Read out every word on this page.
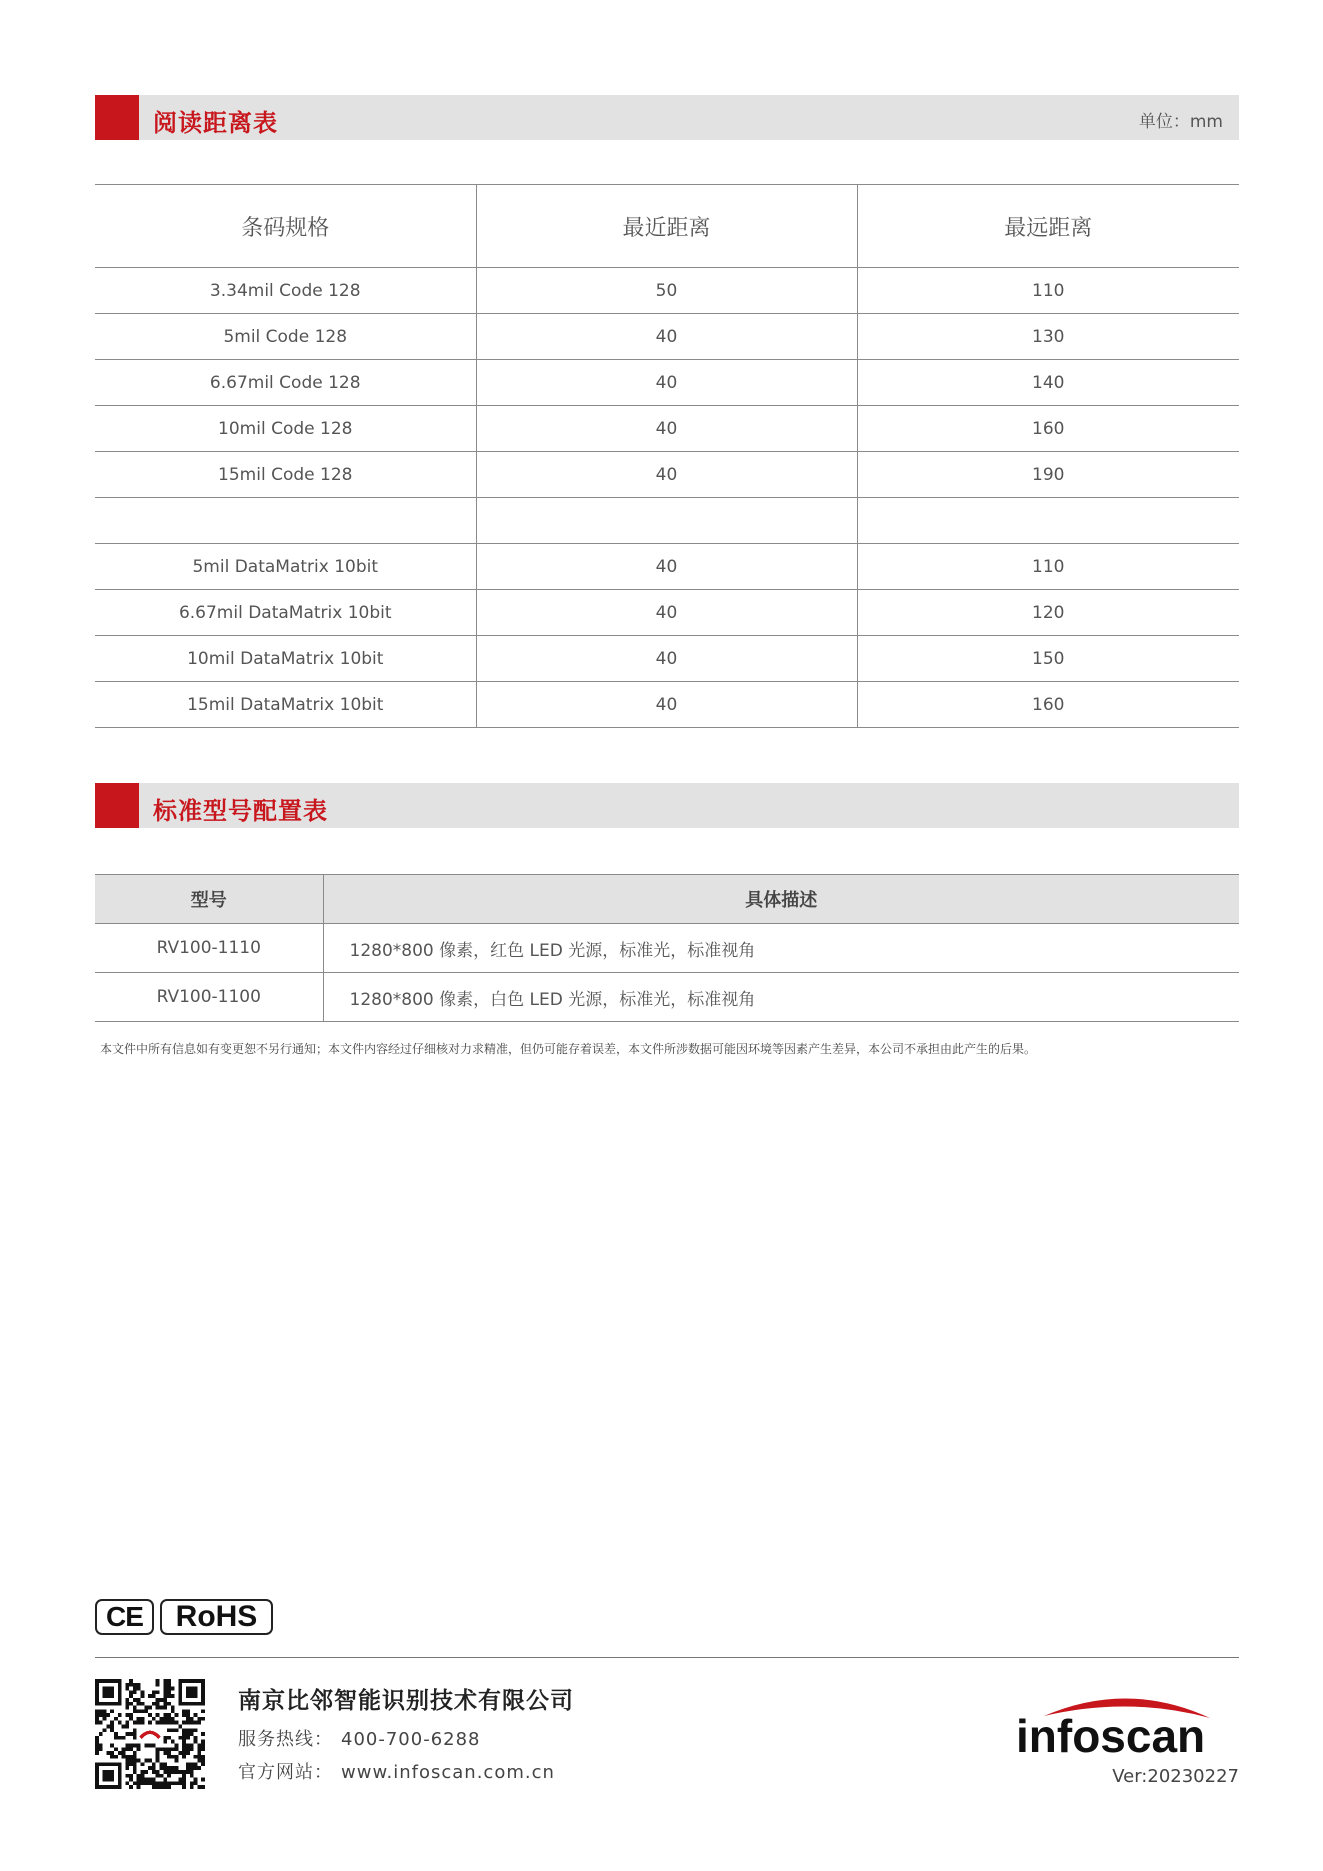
阅读距离表	单位：mm
条码规格	最近距离	最远距离
3.34mil Code 128	50	110
5mil Code 128	40	130
6.67mil Code 128	40	140
10mil Code 128	40	160
15mil Code 128	40	190

5mil DataMatrix 10bit	40	110
6.67mil DataMatrix 10bit	40	120
10mil DataMatrix 10bit	40	150
15mil DataMatrix 10bit	40	160
标准型号配置表
型号	具体描述
RV100-1110	1280*800 像素，红色 LED 光源，标准光，标准视角
RV100-1100	1280*800 像素，白色 LED 光源，标准光，标准视角
本文件中所有信息如有变更恕不另行通知；本文件内容经过仔细核对力求精准，但仍可能存着误差，本文件所涉数据可能因环境等因素产生差异，本公司不承担由此产生的后果。
CE	RoHS
南京比邻智能识别技术有限公司
服务热线： 400-700-6288
官方网站： www.infoscan.com.cn
infoscan
Ver:20230227
